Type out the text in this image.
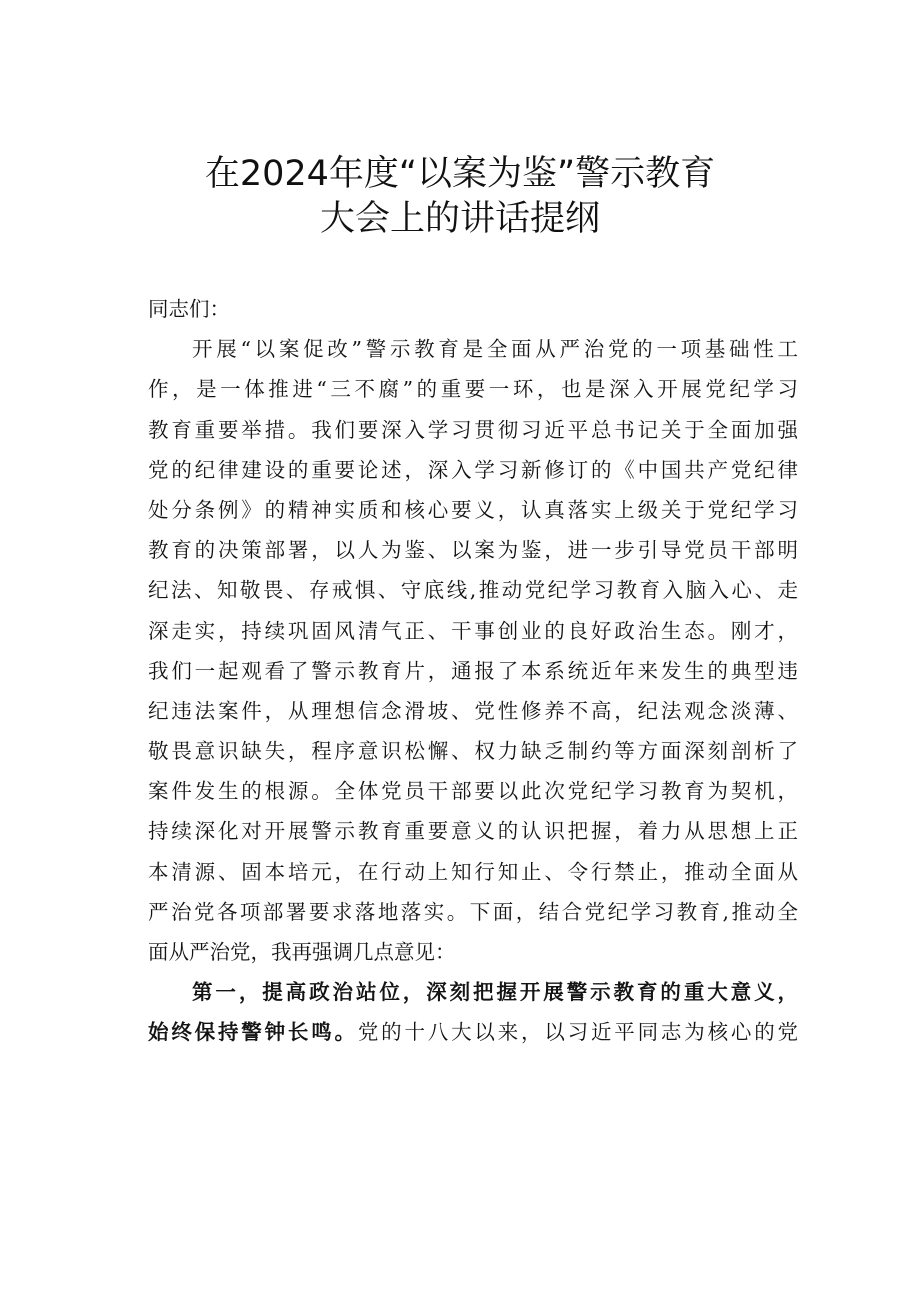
在2024年度“以案为鉴”警示教育
大会上的讲话提纲
同志们：
开展“以案促改”警示教育是全面从严治党的一项基础性工
作，是一体推进“三不腐”的重要一环，也是深入开展党纪学习
教育重要举措。我们要深入学习贯彻习近平总书记关于全面加强
党的纪律建设的重要论述，深入学习新修订的《中国共产党纪律
处分条例》的精神实质和核心要义，认真落实上级关于党纪学习
教育的决策部署，以人为鉴、以案为鉴，进一步引导党员干部明
纪法、知敬畏、存戒惧、守底线,推动党纪学习教育入脑入心、走
深走实，持续巩固风清气正、干事创业的良好政治生态。刚才，
我们一起观看了警示教育片，通报了本系统近年来发生的典型违
纪违法案件，从理想信念滑坡、党性修养不高，纪法观念淡薄、
敬畏意识缺失，程序意识松懈、权力缺乏制约等方面深刻剖析了
案件发生的根源。全体党员干部要以此次党纪学习教育为契机，
持续深化对开展警示教育重要意义的认识把握，着力从思想上正
本清源、固本培元，在行动上知行知止、令行禁止，推动全面从
严治党各项部署要求落地落实。下面，结合党纪学习教育,推动全
面从严治党，我再强调几点意见：
第一，提高政治站位，深刻把握开展警示教育的重大意义，
始终保持警钟长鸣。党的十八大以来，以习近平同志为核心的党
